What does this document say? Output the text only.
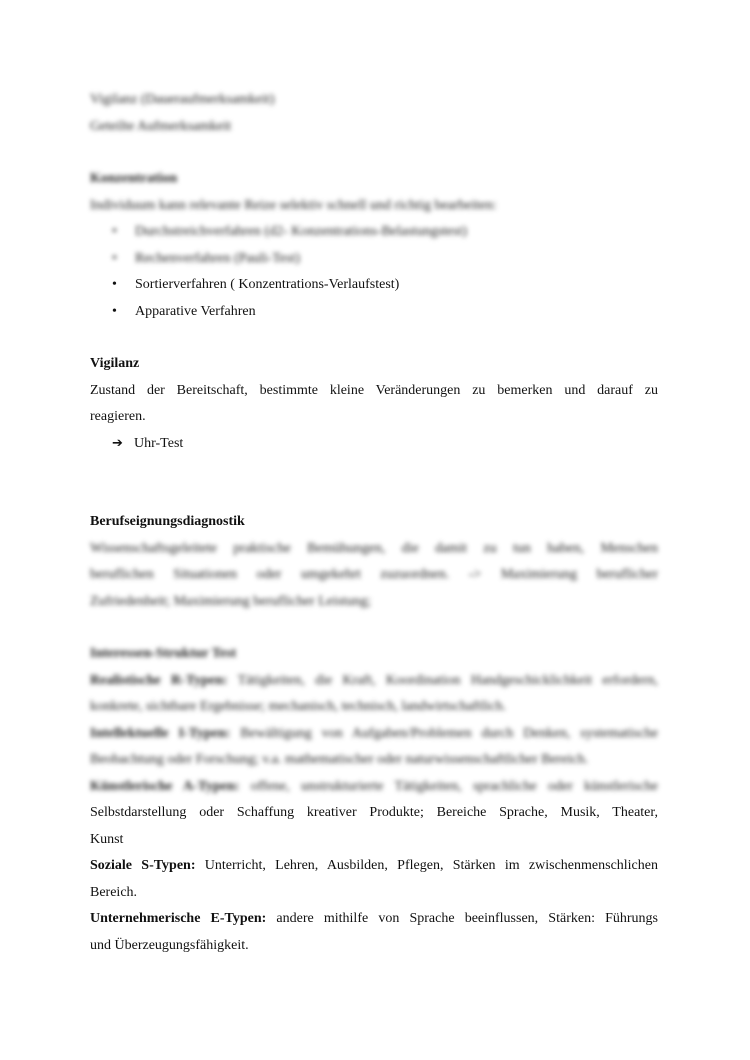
Vigilanz (Daueraufmerksamkeit)
Geteilte Aufmerksamkeit
Konzentration
Individuum kann relevante Reize selektiv schnell und richtig bearbeiten:
• Durchstreichverfahren (d2- Konzentrations-Belastungstest)
• Rechenverfahren (Pauli-Test)
• Sortierverfahren ( Konzentrations-Verlaufstest)
• Apparative Verfahren
Vigilanz
Zustand der Bereitschaft, bestimmte kleine Veränderungen zu bemerken und darauf zu
reagieren.
➔ Uhr-Test
Berufseignungsdiagnostik
Wissenschaftsgeleitete praktische Bemühungen, die damit zu tun haben, Menschen
beruflichen Situationen oder umgekehrt zuzuordnen. -> Maximierung beruflicher
Zufriedenheit; Maximierung beruflicher Leistung;
Interessen-Struktur Test
Realistische R-Typen: Tätigkeiten, die Kraft, Koordination Handgeschicklichkeit erfordern,
konkrete, sichtbare Ergebnisse; mechanisch, technisch, landwirtschaftlich.
Intellektuelle I-Typen: Bewältigung von Aufgaben/Problemen durch Denken, systematische
Beobachtung oder Forschung; v.a. mathematischer oder naturwissenschaftlicher Bereich.
Künstlerische A-Typen: offene, unstrukturierte Tätigkeiten, sprachliche oder künstlerische
Selbstdarstellung oder Schaffung kreativer Produkte; Bereiche Sprache, Musik, Theater,
Kunst
Soziale S-Typen: Unterricht, Lehren, Ausbilden, Pflegen, Stärken im zwischenmenschlichen
Bereich.
Unternehmerische E-Typen: andere mithilfe von Sprache beeinflussen, Stärken: Führungs
und Überzeugungsfähigkeit.
